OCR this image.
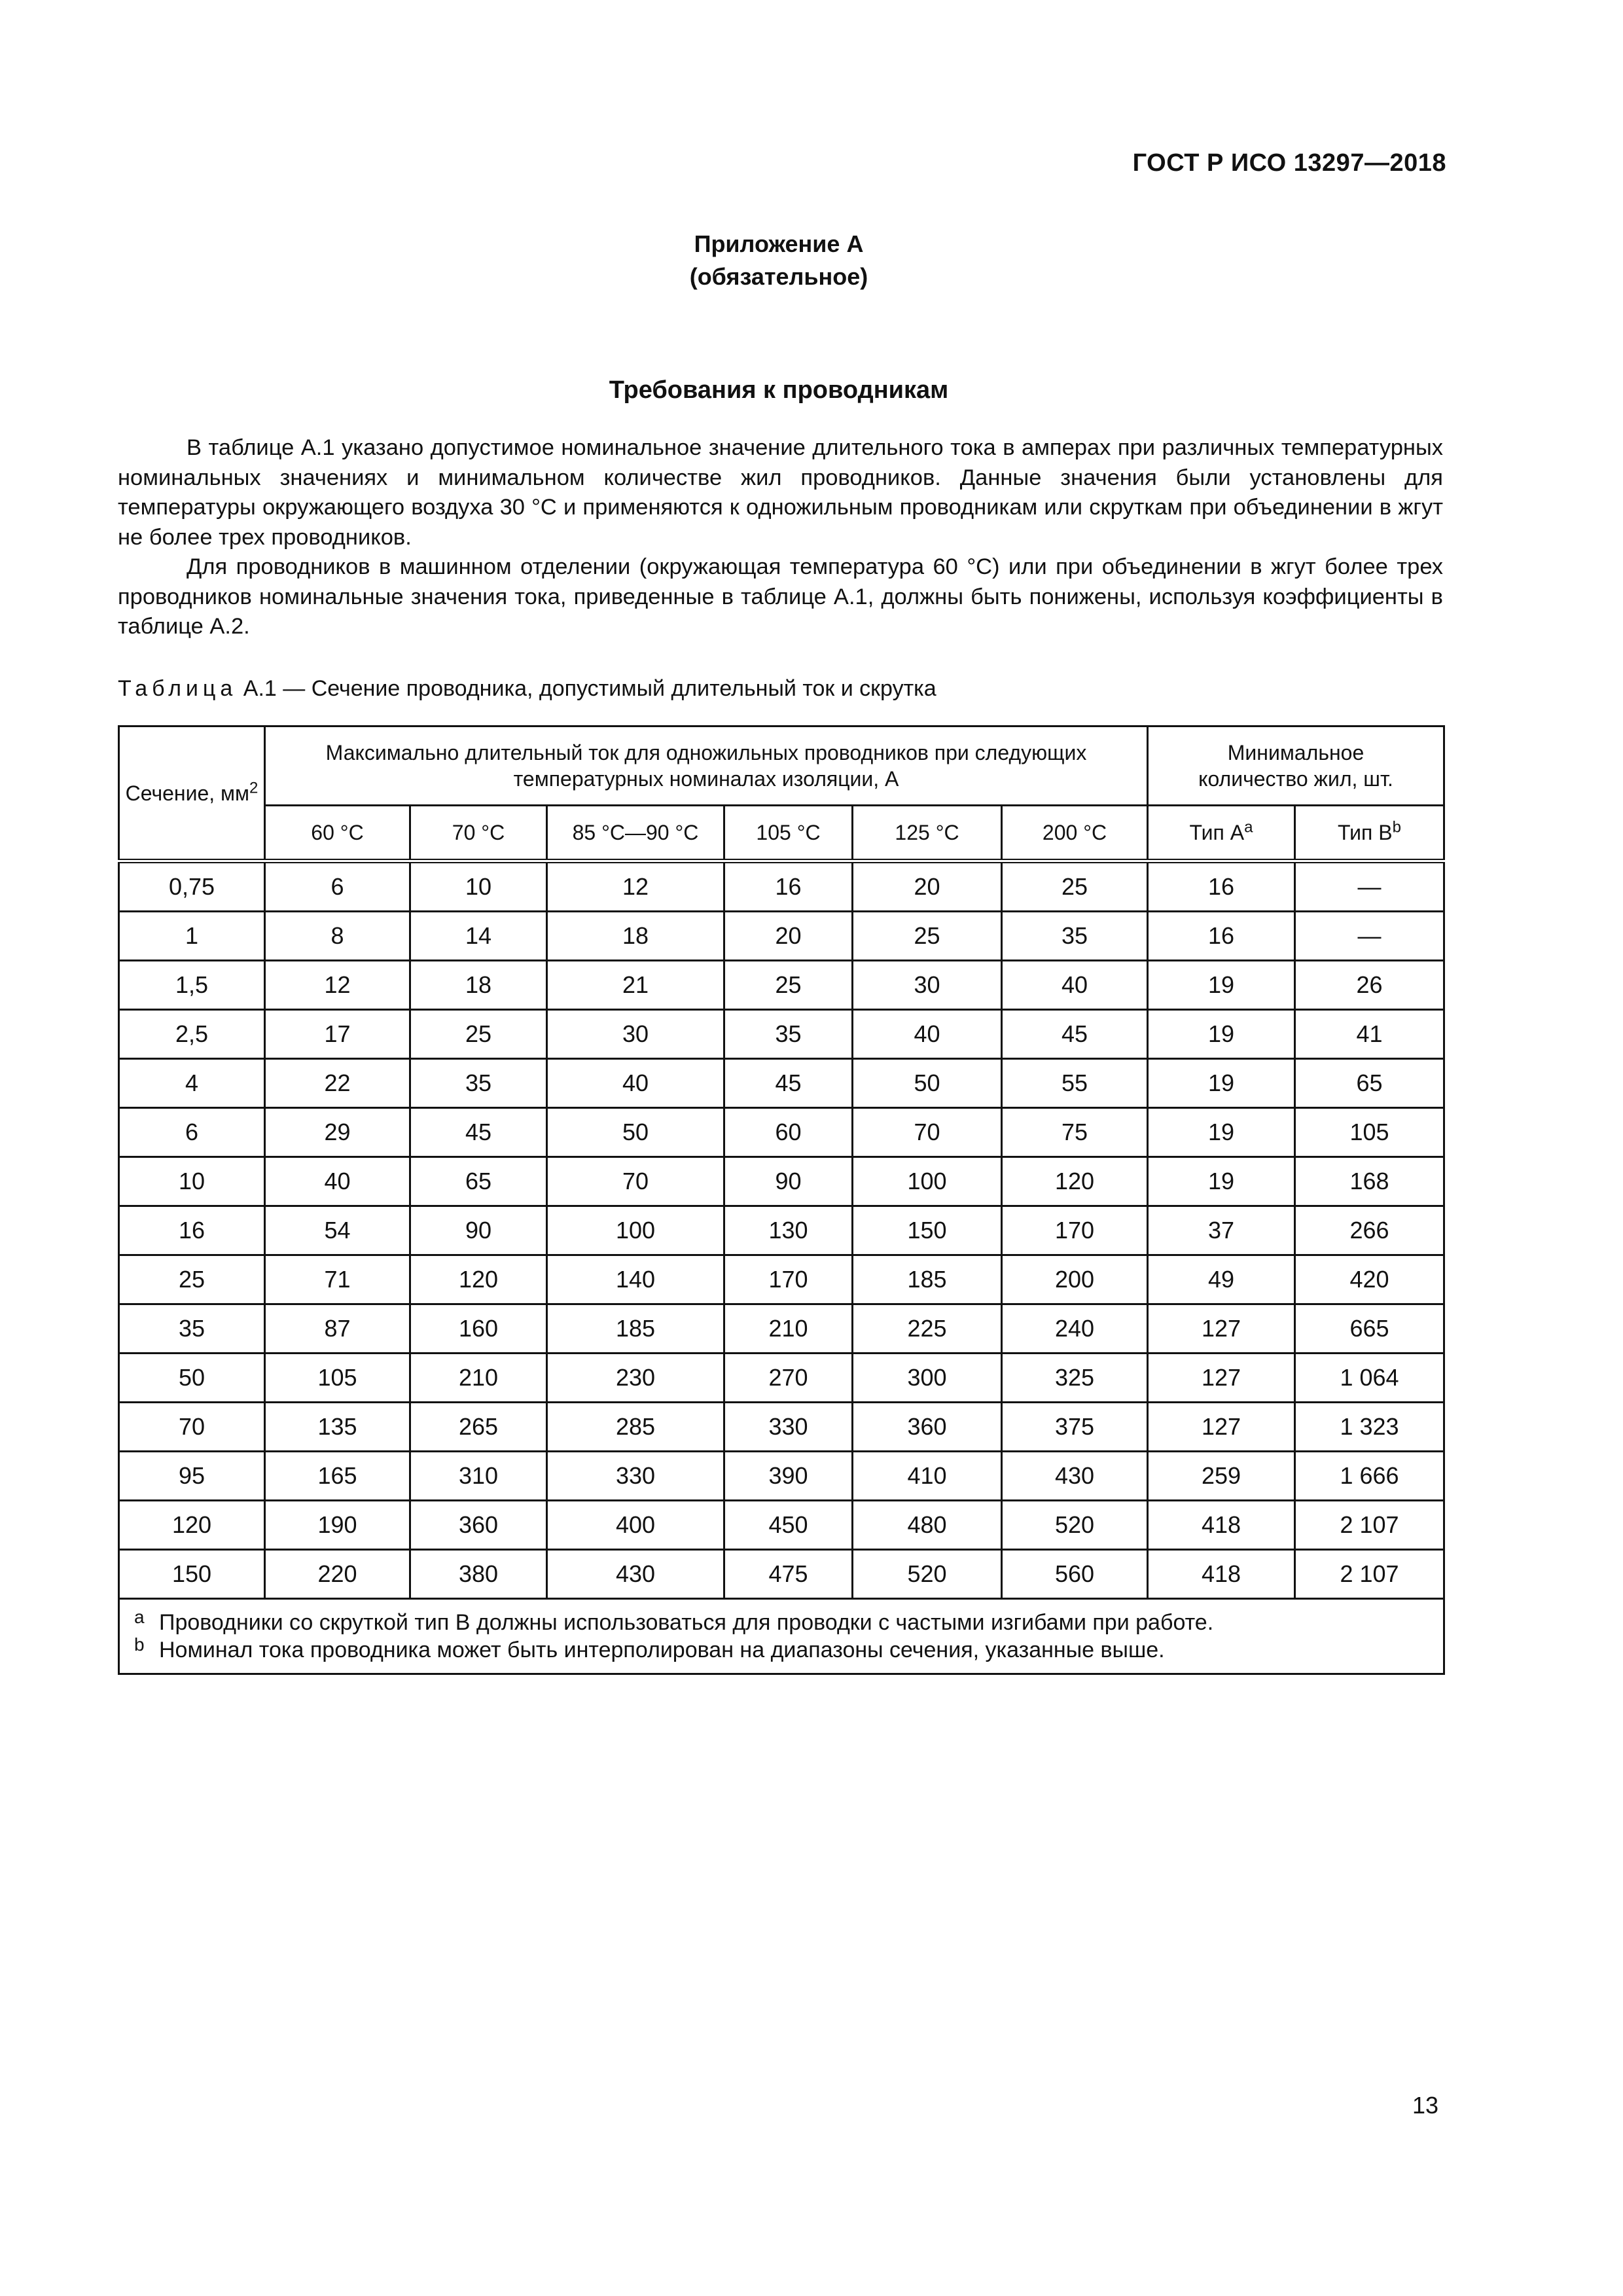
ГОСТ Р ИСО 13297—2018
Приложение А
(обязательное)
Требования к проводникам

В таблице А.1 указано допустимое номинальное значение длительного тока в амперах при различных температурных номинальных значениях и минимальном количестве жил проводников. Данные значения были установлены для температуры окружающего воздуха 30 °С и применяются к одножильным проводникам или скруткам при объединении в жгут не более трех проводников.

Для проводников в машинном отделении (окружающая температура 60 °С) или при объединении в жгут более трех проводников номинальные значения тока, приведенные в таблице А.1, должны быть понижены, используя коэффициенты в таблице А.2.

Таблица А.1 — Сечение проводника, допустимый длительный ток и скрутка
Сечение, $мм^2$	Максимально длительный ток для одножильных проводников при следующих температурных номиналах изоляции, А						Минимальное количество жил, шт.	
	60 °С	70 °С	85 °С—90 °С	105 °С	125 °С	200 °С	Тип $А^а$	Тип $В^b$
0,75	6	10	12	16	20	25	16	—
1	8	14	18	20	25	35	16	—
1,5	12	18	21	25	30	40	19	26
2,5	17	25	30	35	40	45	19	41
4	22	35	40	45	50	55	19	65
6	29	45	50	60	70	75	19	105
10	40	65	70	90	100	120	19	168
16	54	90	100	130	150	170	37	266
25	71	120	140	170	185	200	49	420
35	87	160	185	210	225	240	127	665
50	105	210	230	270	300	325	127	1 064
70	135	265	285	330	360	375	127	1 323
95	165	310	330	390	410	430	259	1 666
120	190	360	400	450	480	520	418	2 107
150	220	380	430	475	520	560	418	2 107

a Проводники со скруткой тип В должны использоваться для проводки с частыми изгибами при работе.
b Номинал тока проводника может быть интерполирован на диапазоны сечения, указанные выше.								
13
